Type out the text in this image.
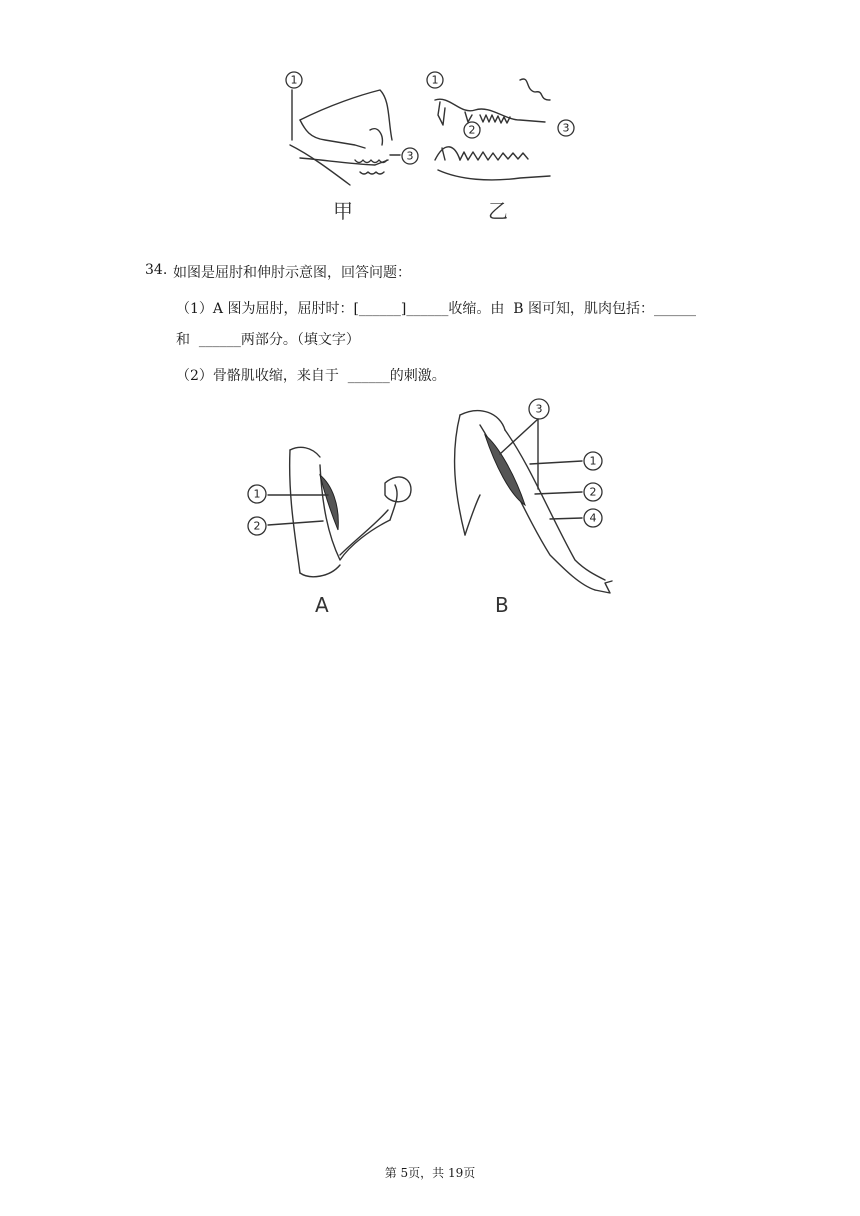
1
3
1
2	3
甲	乙
34. 如图是屈肘和伸肘示意图，回答问题：
（1）A 图为屈肘，屈肘时：[______]______收缩。由  B 图可知，肌肉包括：______
和  ______两部分。（填文字）
（2）骨骼肌收缩，来自于  ______的刺激。
1
2
A
3
1
2
4
B
第 5页，共 19页
